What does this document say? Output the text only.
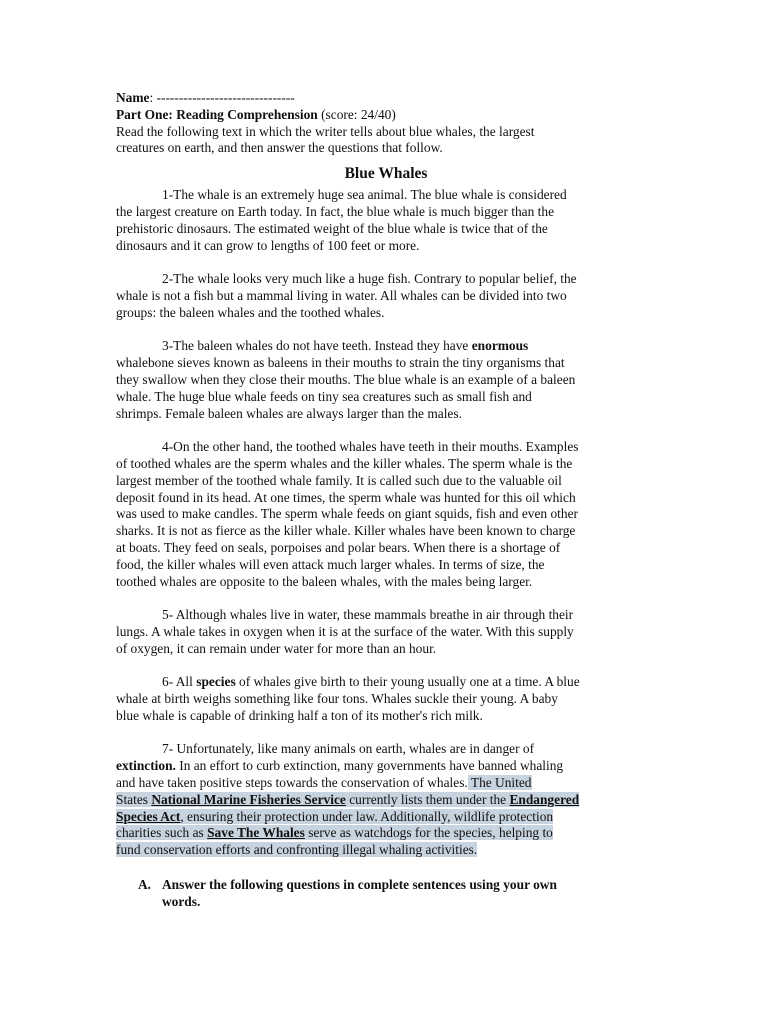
Name: -------------------------------
Part One: Reading Comprehension (score: 24/40)
Read the following text in which the writer tells about blue whales, the largest
creatures on earth, and then answer the questions that follow.
Blue Whales
1-The whale is an extremely huge sea animal. The blue whale is considered
the largest creature on Earth today. In fact, the blue whale is much bigger than the
prehistoric dinosaurs. The estimated weight of the blue whale is twice that of the
dinosaurs and it can grow to lengths of 100 feet or more.
2-The whale looks very much like a huge fish. Contrary to popular belief, the
whale is not a fish but a mammal living in water. All whales can be divided into two
groups: the baleen whales and the toothed whales.
3-The baleen whales do not have teeth. Instead they have enormous
whalebone sieves known as baleens in their mouths to strain the tiny organisms that
they swallow when they close their mouths. The blue whale is an example of a baleen
whale. The huge blue whale feeds on tiny sea creatures such as small fish and
shrimps. Female baleen whales are always larger than the males.
4-On the other hand, the toothed whales have teeth in their mouths. Examples
of toothed whales are the sperm whales and the killer whales. The sperm whale is the
largest member of the toothed whale family. It is called such due to the valuable oil
deposit found in its head. At one times, the sperm whale was hunted for this oil which
was used to make candles. The sperm whale feeds on giant squids, fish and even other
sharks. It is not as fierce as the killer whale. Killer whales have been known to charge
at boats. They feed on seals, porpoises and polar bears. When there is a shortage of
food, the killer whales will even attack much larger whales. In terms of size, the
toothed whales are opposite to the baleen whales, with the males being larger.
5- Although whales live in water, these mammals breathe in air through their
lungs. A whale takes in oxygen when it is at the surface of the water. With this supply
of oxygen, it can remain under water for more than an hour.
6- All species of whales give birth to their young usually one at a time. A blue
whale at birth weighs something like four tons. Whales suckle their young. A baby
blue whale is capable of drinking half a ton of its mother's rich milk.
7- Unfortunately, like many animals on earth, whales are in danger of
extinction. In an effort to curb extinction, many governments have banned whaling
and have taken positive steps towards the conservation of whales. The United
States National Marine Fisheries Service currently lists them under the Endangered
Species Act, ensuring their protection under law. Additionally, wildlife protection
charities such as Save The Whales serve as watchdogs for the species, helping to
fund conservation efforts and confronting illegal whaling activities.
A. Answer the following questions in complete sentences using your own
words.
